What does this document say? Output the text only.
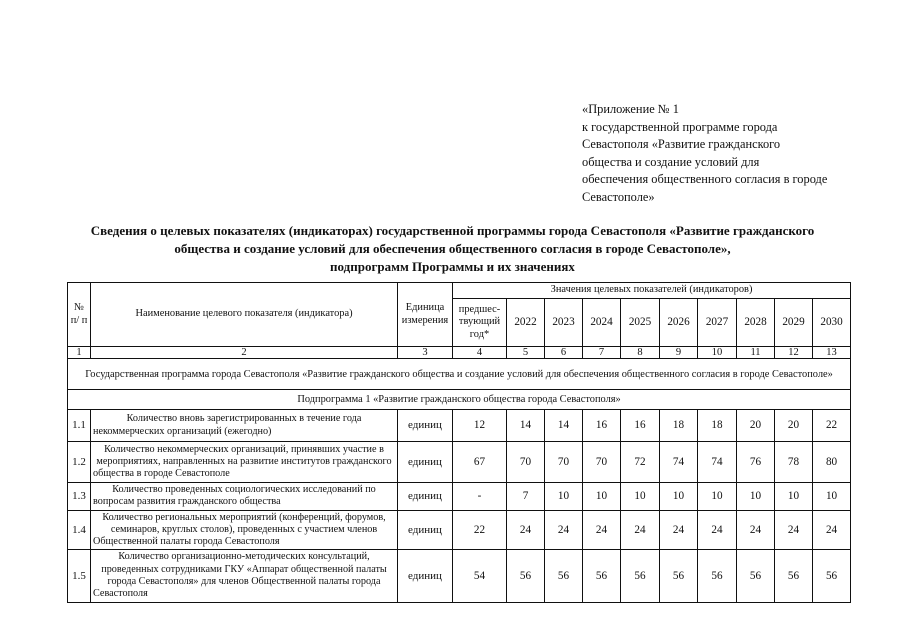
«Приложение № 1
к государственной программе города
Севастополя «Развитие гражданского
общества и создание условий для
обеспечения общественного согласия в городе
Севастополе»
Сведения о целевых показателях (индикаторах) государственной программы города Севастополя «Развитие гражданского
общества и создание условий для обеспечения общественного согласия в городе Севастополе»,
подпрограмм Программы и их значениях
№ п/ п	Наименование целевого показателя (индикатора)	Единица измерения	Значения целевых показателей (индикаторов)									
			предшес- твующий год*	2022	2023	2024	2025	2026	2027	2028	2029	2030
1	2	3	4	5	6	7	8	9	10	11	12	13
Государственная программа города Севастополя «Развитие гражданского общества и создание условий для обеспечения общественного согласия в городе Севастополе»												
Подпрограмма 1 «Развитие гражданского общества города Севастополя»												
1.1	Количество вновь зарегистрированных в течение года некоммерческих организаций (ежегодно)	единиц	12	14	14	16	16	18	18	20	20	22
1.2	Количество некоммерческих организаций, принявших участие в мероприятиях, направленных на развитие институтов гражданского общества в городе Севастополе	единиц	67	70	70	70	72	74	74	76	78	80
1.3	Количество проведенных социологических исследований по вопросам развития гражданского общества	единиц	-	7	10	10	10	10	10	10	10	10
1.4	Количество региональных мероприятий (конференций, форумов, семинаров, круглых столов), проведенных с участием членов Общественной палаты города Севастополя	единиц	22	24	24	24	24	24	24	24	24	24
1.5	Количество организационно-методических консультаций, проведенных сотрудниками ГКУ «Аппарат общественной палаты города Севастополя» для членов Общественной палаты города Севастополя	единиц	54	56	56	56	56	56	56	56	56	56
